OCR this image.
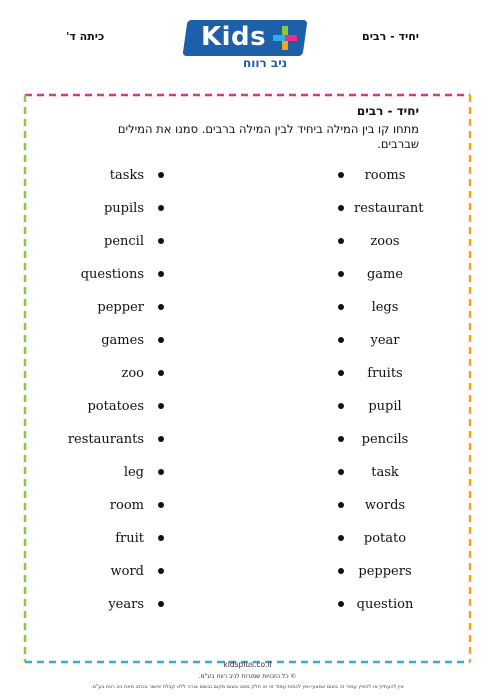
כיתה ד'	יחיד - רבים
Kids
ניב רווח
יחיד - רבים
מתחו קו בין המילה ביחיד לבין המילה ברבים. סמנו את המילים שברבים.
tasks
pupils
pencil
questions
pepper
games
zoo
potatoes
restaurants
leg
room
fruit
word
years
rooms
restaurant
zoos
game
legs
year
fruits
pupil
pencils
task
words
potato
peppers
question
kidsplus.co.il
© כל הזכויות שמורות לניב רווח בע"מ.
אין להעתיק או להפיץ עמוד זה בשום אמצעי ואין לכסות עמוד זה או חלק ממנו בשום מקום ובשום צורה ללא קבלת אישור בכתב מאת ניב רווח בע"מ.
